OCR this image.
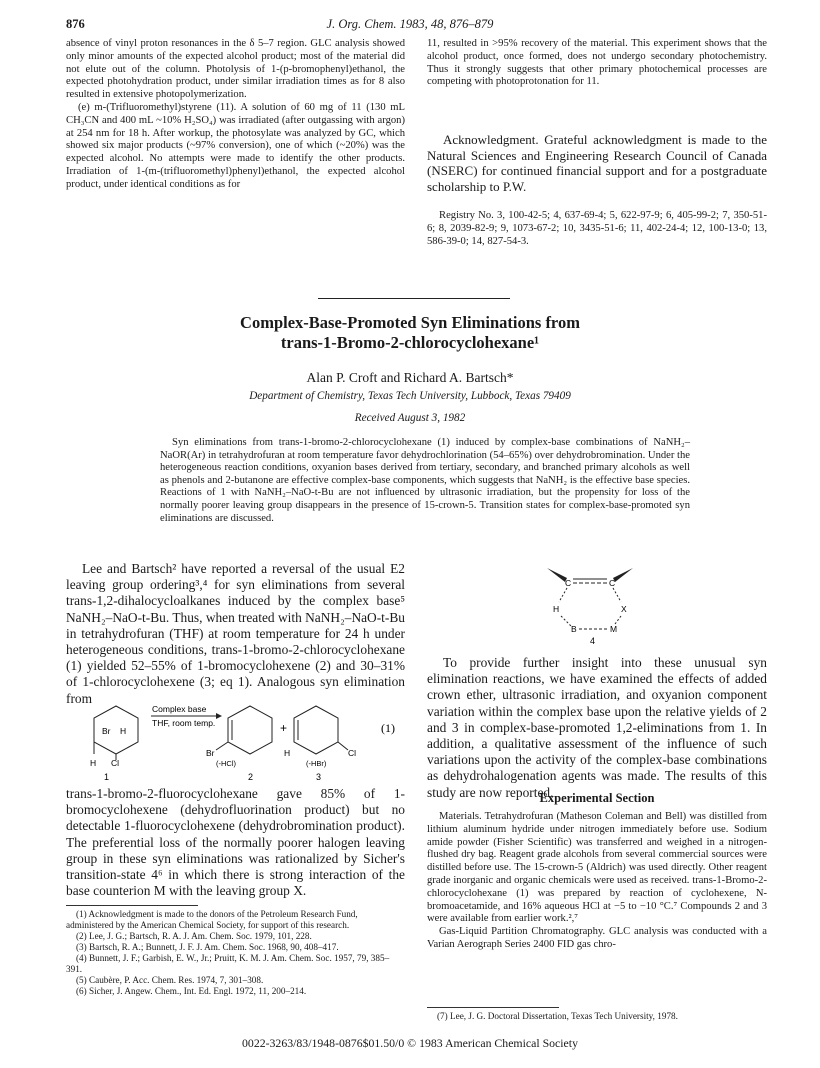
J. Org. Chem. 1983, 48, 876–879
876

absence of vinyl proton resonances in the δ 5–7 region. GLC analysis showed only minor amounts of the expected alcohol product; most of the material did not elute out of the column. Photolysis of 1-(p-bromophenyl)ethanol, the expected photohydration product, under similar irradiation times as for 8 also resulted in extensive photopolymerization.

(e) m-(Trifluoromethyl)styrene (11). A solution of 60 mg of 11 (130 mL CH₃CN and 400 mL ~10% H₂SO₄) was irradiated (after outgassing with argon) at 254 nm for 18 h. After workup, the photosylate was analyzed by GC, which showed six major products (~97% conversion), one of which (~20%) was the expected alcohol. No attempts were made to identify the other products. Irradiation of 1-(m-(trifluoromethyl)phenyl)ethanol, the expected alcohol product, under identical conditions as for

11, resulted in >95% recovery of the material. This experiment shows that the alcohol product, once formed, does not undergo secondary photochemistry. Thus it strongly suggests that other primary photochemical processes are competing with photoprotonation for 11.

Acknowledgment. Grateful acknowledgment is made to the Natural Sciences and Engineering Research Council of Canada (NSERC) for continued financial support and for a postgraduate scholarship to P.W.

Registry No. 3, 100-42-5; 4, 637-69-4; 5, 622-97-9; 6, 405-99-2; 7, 350-51-6; 8, 2039-82-9; 9, 1073-67-2; 10, 3435-51-6; 11, 402-24-4; 12, 100-13-0; 13, 586-39-0; 14, 827-54-3.

Complex-Base-Promoted Syn Eliminations from
trans-1-Bromo-2-chlorocyclohexane¹
Alan P. Croft and Richard A. Bartsch*
Department of Chemistry, Texas Tech University, Lubbock, Texas 79409
Received August 3, 1982

Syn eliminations from trans-1-bromo-2-chlorocyclohexane (1) induced by complex-base combinations of NaNH₂–NaOR(Ar) in tetrahydrofuran at room temperature favor dehydrochlorination (54–65%) over dehydrobromination. Under the heterogeneous reaction conditions, oxyanion bases derived from tertiary, secondary, and branched primary alcohols as well as phenols and 2-butanone are effective complex-base components, which suggests that NaNH₂ is the effective base species. Reactions of 1 with NaNH₂–NaO-t-Bu are not influenced by ultrasonic irradiation, but the propensity for loss of the normally poorer leaving group disappears in the presence of 15-crown-5. Transition states for complex-base-promoted syn eliminations are discussed.

Lee and Bartsch² have reported a reversal of the usual E2 leaving group ordering³,⁴ for syn eliminations from several trans-1,2-dihalocycloalkanes induced by the complex base⁵ NaNH₂–NaO-t-Bu. Thus, when treated with NaNH₂–NaO-t-Bu in tetrahydrofuran (THF) at room temperature for 24 h under heterogeneous conditions, trans-1-bromo-2-chlorocyclohexane (1) yielded 52–55% of 1-bromocyclohexene (2) and 30–31% of 1-chlorocyclohexene (3; eq 1). Analogous syn elimination from

Br H
H Cl
1
Complex base
THF, room temp.
Br
(-HCl)
2
+
H	Cl
(-HBr)
3
(1)

trans-1-bromo-2-fluorocyclohexane gave 85% of 1-bromocyclohexene (dehydrofluorination product) but no detectable 1-fluorocyclohexene (dehydrobromination product). The preferential loss of the normally poorer halogen leaving group in these syn eliminations was rationalized by Sicher's transition-state 4⁶ in which there is strong interaction of the base counterion M with the leaving group X.

(1) Acknowledgment is made to the donors of the Petroleum Research Fund, administered by the American Chemical Society, for support of this research.

(2) Lee, J. G.; Bartsch, R. A. J. Am. Chem. Soc. 1979, 101, 228.

(3) Bartsch, R. A.; Bunnett, J. F. J. Am. Chem. Soc. 1968, 90, 408–417.

(4) Bunnett, J. F.; Garbish, E. W., Jr.; Pruitt, K. M. J. Am. Chem. Soc. 1957, 79, 385–391.

(5) Caubère, P. Acc. Chem. Res. 1974, 7, 301–308.

(6) Sicher, J. Angew. Chem., Int. Ed. Engl. 1972, 11, 200–214.

C	C
H	X
B	M
4

To provide further insight into these unusual syn elimination reactions, we have examined the effects of added crown ether, ultrasonic irradiation, and oxyanion component variation within the complex base upon the relative yields of 2 and 3 in complex-base-promoted 1,2-eliminations from 1. In addition, a qualitative assessment of the influence of such variations upon the activity of the complex-base combinations as dehydrohalogenation agents was made. The results of this study are now reported.

Experimental Section

Materials. Tetrahydrofuran (Matheson Coleman and Bell) was distilled from lithium aluminum hydride under nitrogen immediately before use. Sodium amide powder (Fisher Scientific) was transferred and weighed in a nitrogen-flushed dry bag. Reagent grade alcohols from several commercial sources were distilled before use. The 15-crown-5 (Aldrich) was used directly. Other reagent grade inorganic and organic chemicals were used as received. trans-1-Bromo-2-chlorocyclohexane (1) was prepared by reaction of cyclohexene, N-bromoacetamide, and 16% aqueous HCl at −5 to −10 °C.⁷ Compounds 2 and 3 were available from earlier work.²,⁷

Gas-Liquid Partition Chromatography. GLC analysis was conducted with a Varian Aerograph Series 2400 FID gas chro-

(7) Lee, J. G. Doctoral Dissertation, Texas Tech University, 1978.

0022-3263/83/1948-0876$01.50/0 © 1983 American Chemical Society
